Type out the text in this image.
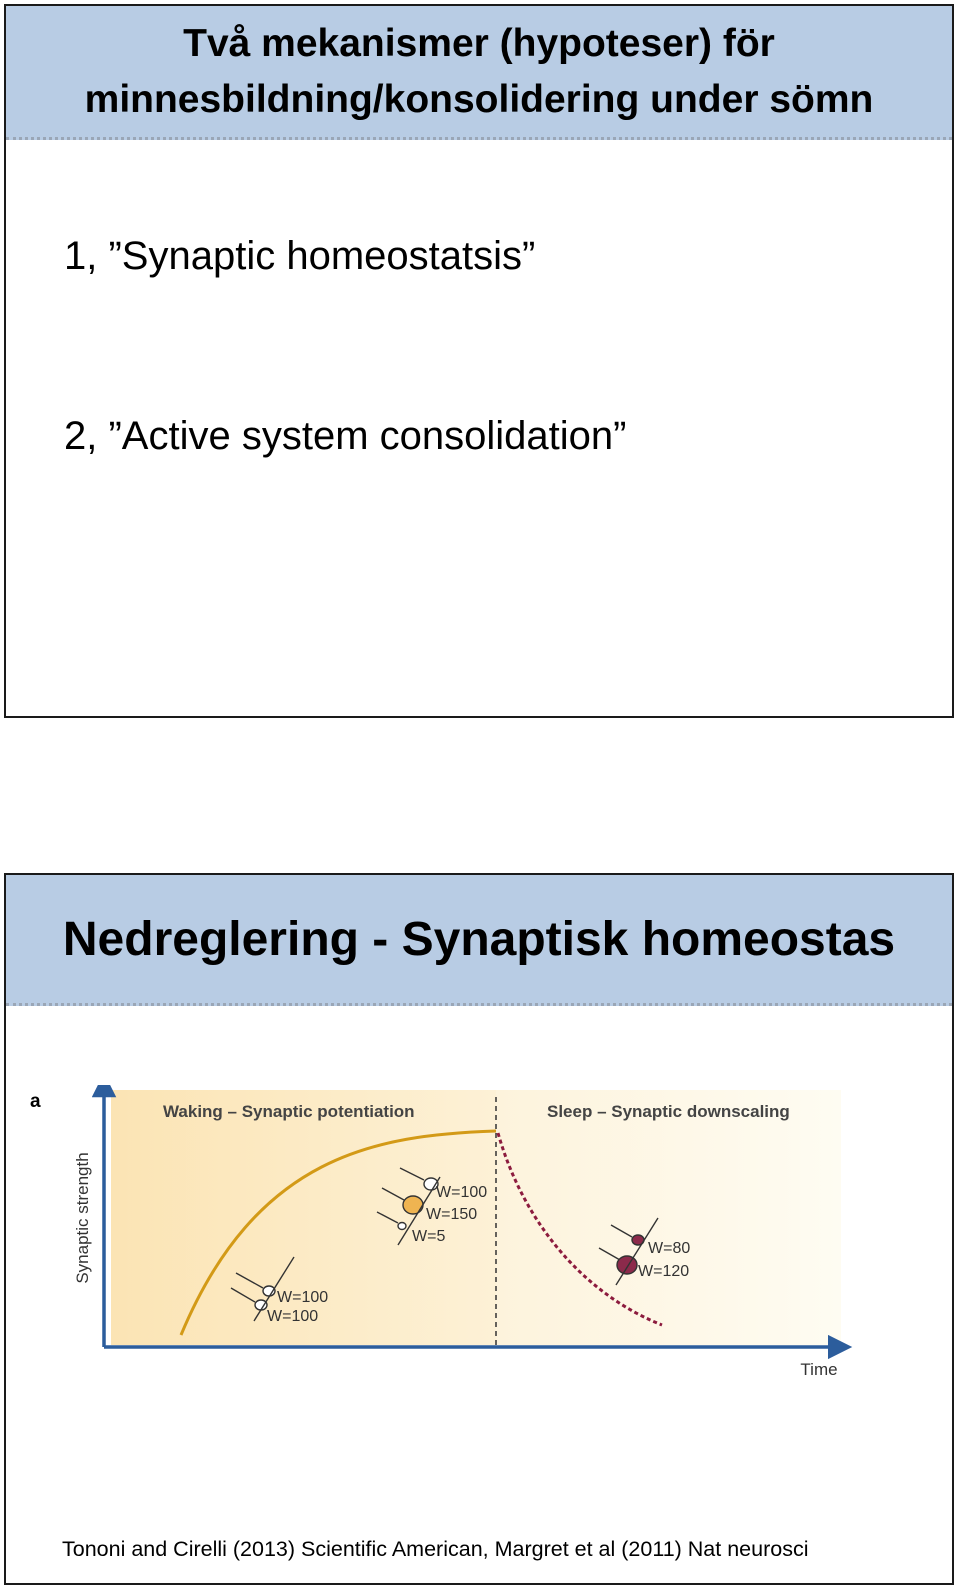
Två mekanismer (hypoteser) för
minnesbildning/konsolidering under sömn
1, ”Synaptic homeostatsis”
2, ”Active system consolidation”
Nedreglering - Synaptisk homeostas
a
Synaptic strength
Time
Waking – Synaptic potentiation	Sleep – Synaptic downscaling
W=100
W=100
W=100
W=150
W=5
W=80
W=120
Tononi and Cirelli (2013) Scientific American, Margret et al (2011) Nat neurosci
